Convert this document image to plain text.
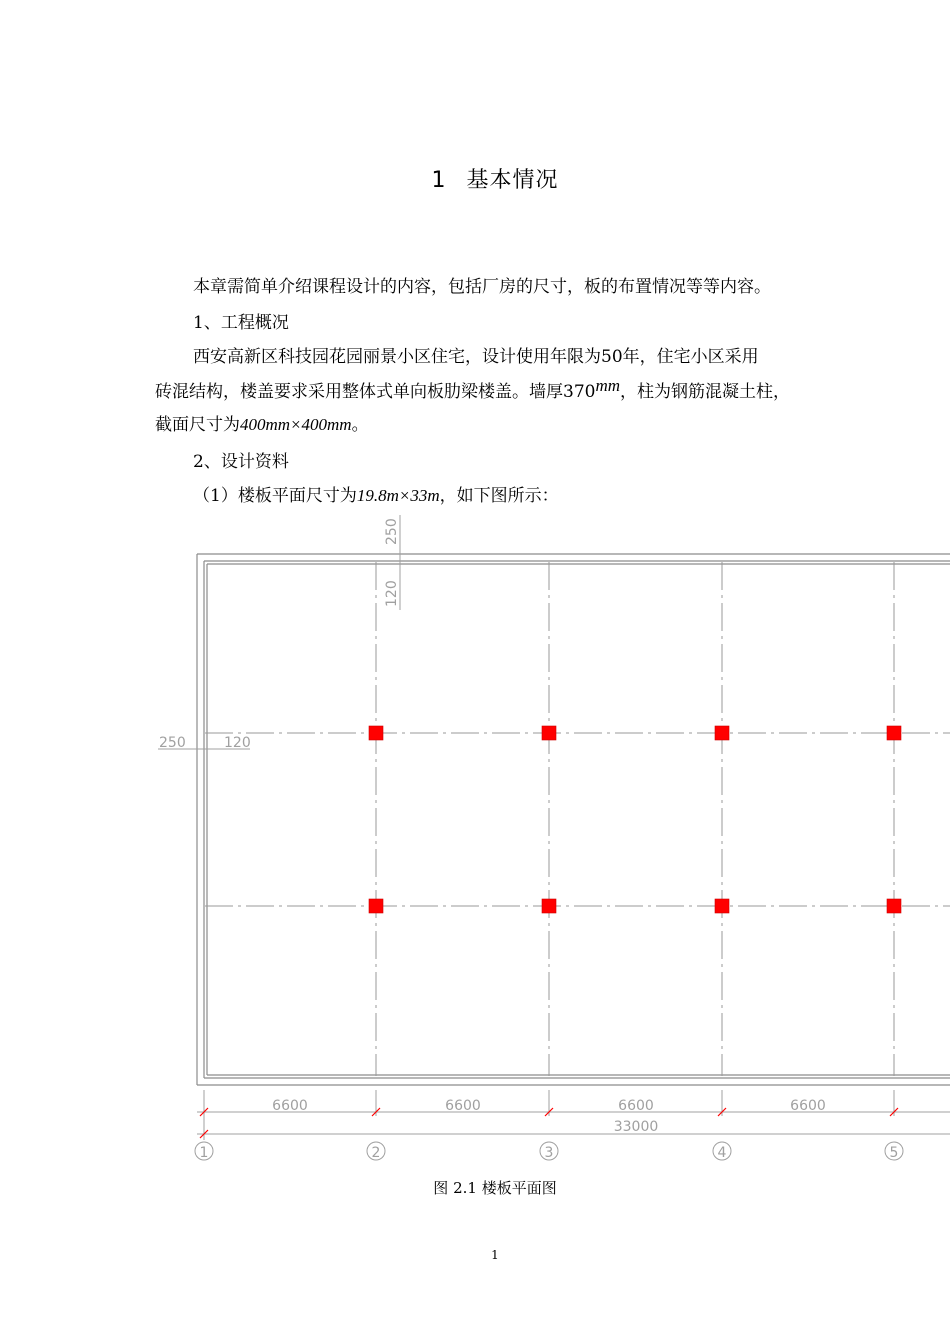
1 基本情况
本章需简单介绍课程设计的内容，包括厂房的尺寸，板的布置情况等等内容。
1、工程概况
西安高新区科技园花园丽景小区住宅，设计使用年限为50年，住宅小区采用
砖混结构，楼盖要求采用整体式单向板肋梁楼盖。墙厚370mm，柱为钢筋混凝土柱，
截面尺寸为400mm×400mm。
2、设计资料
（1）楼板平面尺寸为19.8m×33m，如下图所示：
250
120
250	120
6600	6600	6600	6600
33000
1	2	3	4	5
图 2.1 楼板平面图
1
